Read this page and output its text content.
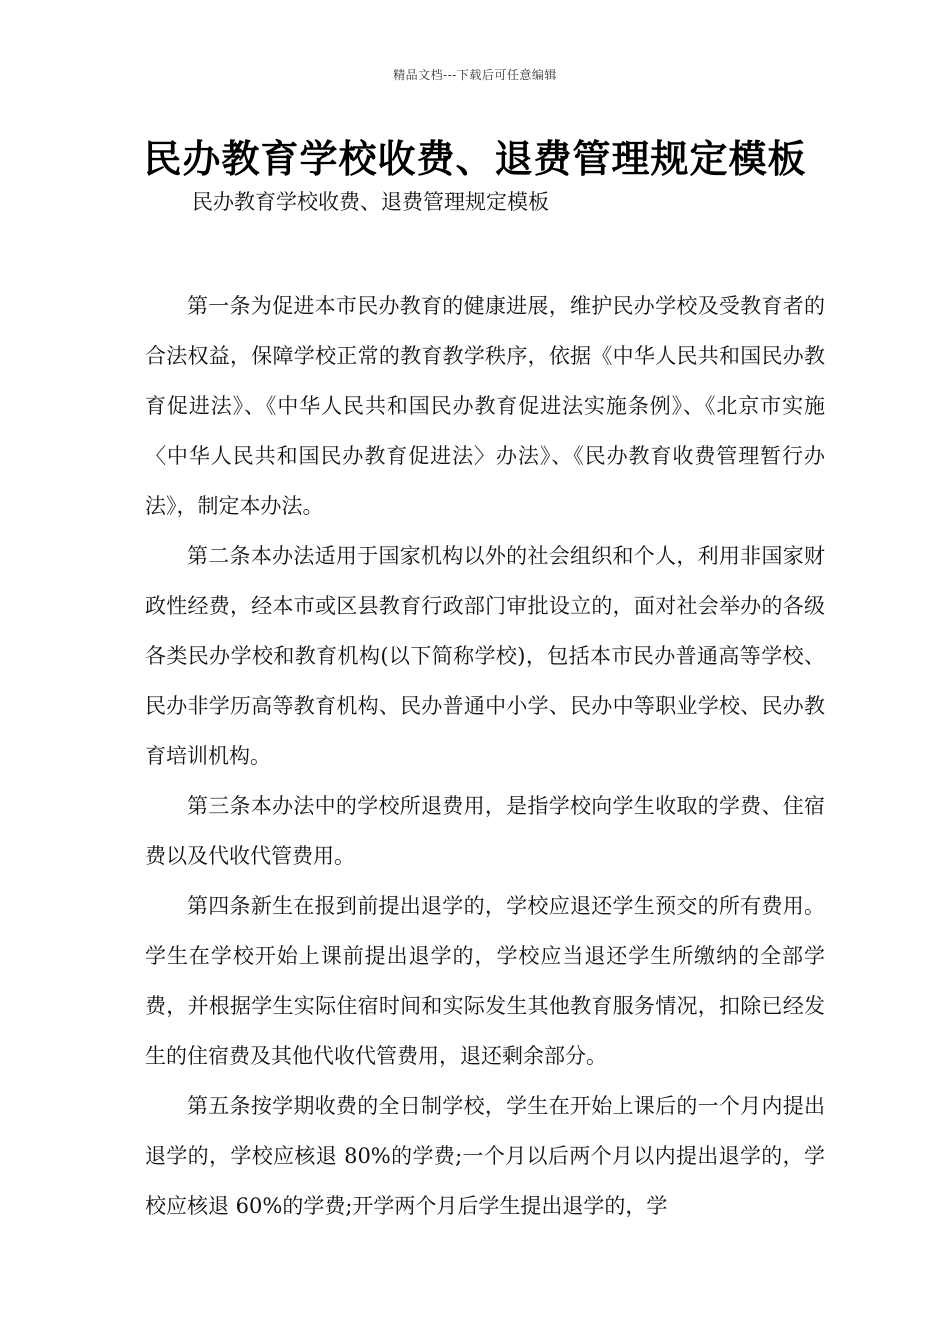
精品文档---下载后可任意编辑
民办教育学校收费、退费管理规定模板
民办教育学校收费、退费管理规定模板

第一条为促进本市民办教育的健康进展，维护民办学校及受教育者的合法权益，保障学校正常的教育教学秩序，依据《中华人民共和国民办教育促进法》、《中华人民共和国民办教育促进法实施条例》、《北京市实施〈中华人民共和国民办教育促进法〉办法》、《民办教育收费管理暂行办法》，制定本办法。

第二条本办法适用于国家机构以外的社会组织和个人，利用非国家财政性经费，经本市或区县教育行政部门审批设立的，面对社会举办的各级各类民办学校和教育机构(以下简称学校)，包括本市民办普通高等学校、民办非学历高等教育机构、民办普通中小学、民办中等职业学校、民办教育培训机构。

第三条本办法中的学校所退费用，是指学校向学生收取的学费、住宿费以及代收代管费用。

第四条新生在报到前提出退学的，学校应退还学生预交的所有费用。学生在学校开始上课前提出退学的，学校应当退还学生所缴纳的全部学费，并根据学生实际住宿时间和实际发生其他教育服务情况，扣除已经发生的住宿费及其他代收代管费用，退还剩余部分。

第五条按学期收费的全日制学校，学生在开始上课后的一个月内提出退学的，学校应核退 80%的学费;一个月以后两个月以内提出退学的，学校应核退 60%的学费;开学两个月后学生提出退学的，学
